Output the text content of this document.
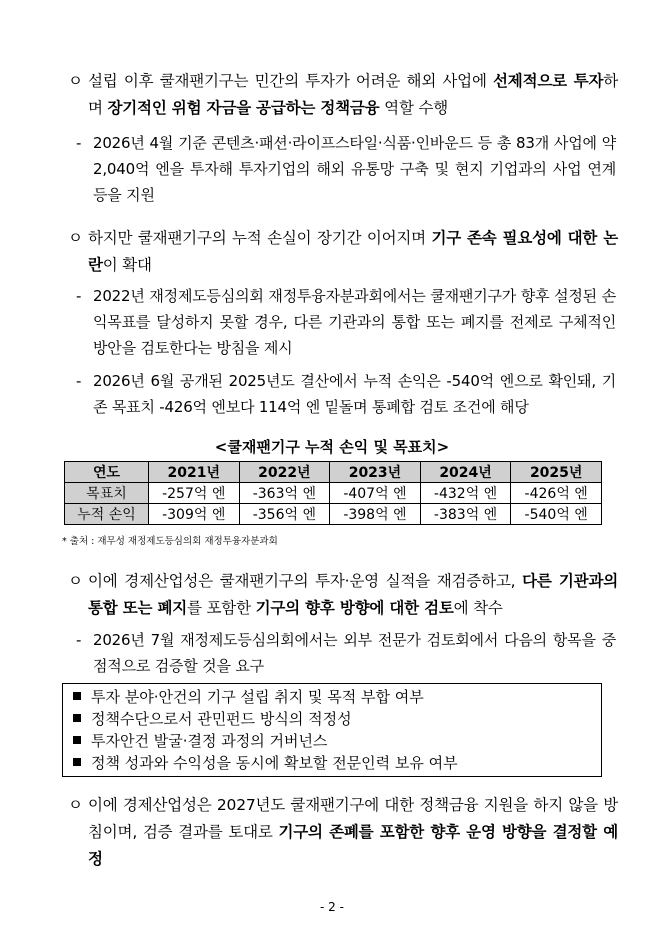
ㅇ 설립 이후 쿨재팬기구는 민간의 투자가 어려운 해외 사업에 선제적으로 투자하며 장기적인 위험 자금을 공급하는 정책금융 역할 수행
- 2026년 4월 기준 콘텐츠·패션·라이프스타일·식품·인바운드 등 총 83개 사업에 약 2,040억 엔을 투자해 투자기업의 해외 유통망 구축 및 현지 기업과의 사업 연계 등을 지원
ㅇ 하지만 쿨재팬기구의 누적 손실이 장기간 이어지며 기구 존속 필요성에 대한 논란이 확대
- 2022년 재정제도등심의회 재정투융자분과회에서는 쿨재팬기구가 향후 설정된 손익목표를 달성하지 못할 경우, 다른 기관과의 통합 또는 폐지를 전제로 구체적인 방안을 검토한다는 방침을 제시
- 2026년 6월 공개된 2025년도 결산에서 누적 손익은 -540억 엔으로 확인돼, 기존 목표치 -426억 엔보다 114억 엔 밑돌며 통폐합 검토 조건에 해당
<쿨재팬기구 누적 손익 및 목표치>
연도	2021년	2022년	2023년	2024년	2025년
목표치	-257억 엔	-363억 엔	-407억 엔	-432억 엔	-426억 엔
누적 손익	-309억 엔	-356억 엔	-398억 엔	-383억 엔	-540억 엔
* 출처 : 재무성 재정제도등심의회 재정투융자분과회
ㅇ 이에 경제산업성은 쿨재팬기구의 투자·운영 실적을 재검증하고, 다른 기관과의 통합 또는 폐지를 포함한 기구의 향후 방향에 대한 검토에 착수
- 2026년 7월 재정제도등심의회에서는 외부 전문가 검토회에서 다음의 항목을 중점적으로 검증할 것을 요구
투자 분야·안건의 기구 설립 취지 및 목적 부합 여부
정책수단으로서 관민펀드 방식의 적정성
투자안건 발굴·결정 과정의 거버넌스
정책 성과와 수익성을 동시에 확보할 전문인력 보유 여부
ㅇ 이에 경제산업성은 2027년도 쿨재팬기구에 대한 정책금융 지원을 하지 않을 방침이며, 검증 결과를 토대로 기구의 존폐를 포함한 향후 운영 방향을 결정할 예정
- 2 -
